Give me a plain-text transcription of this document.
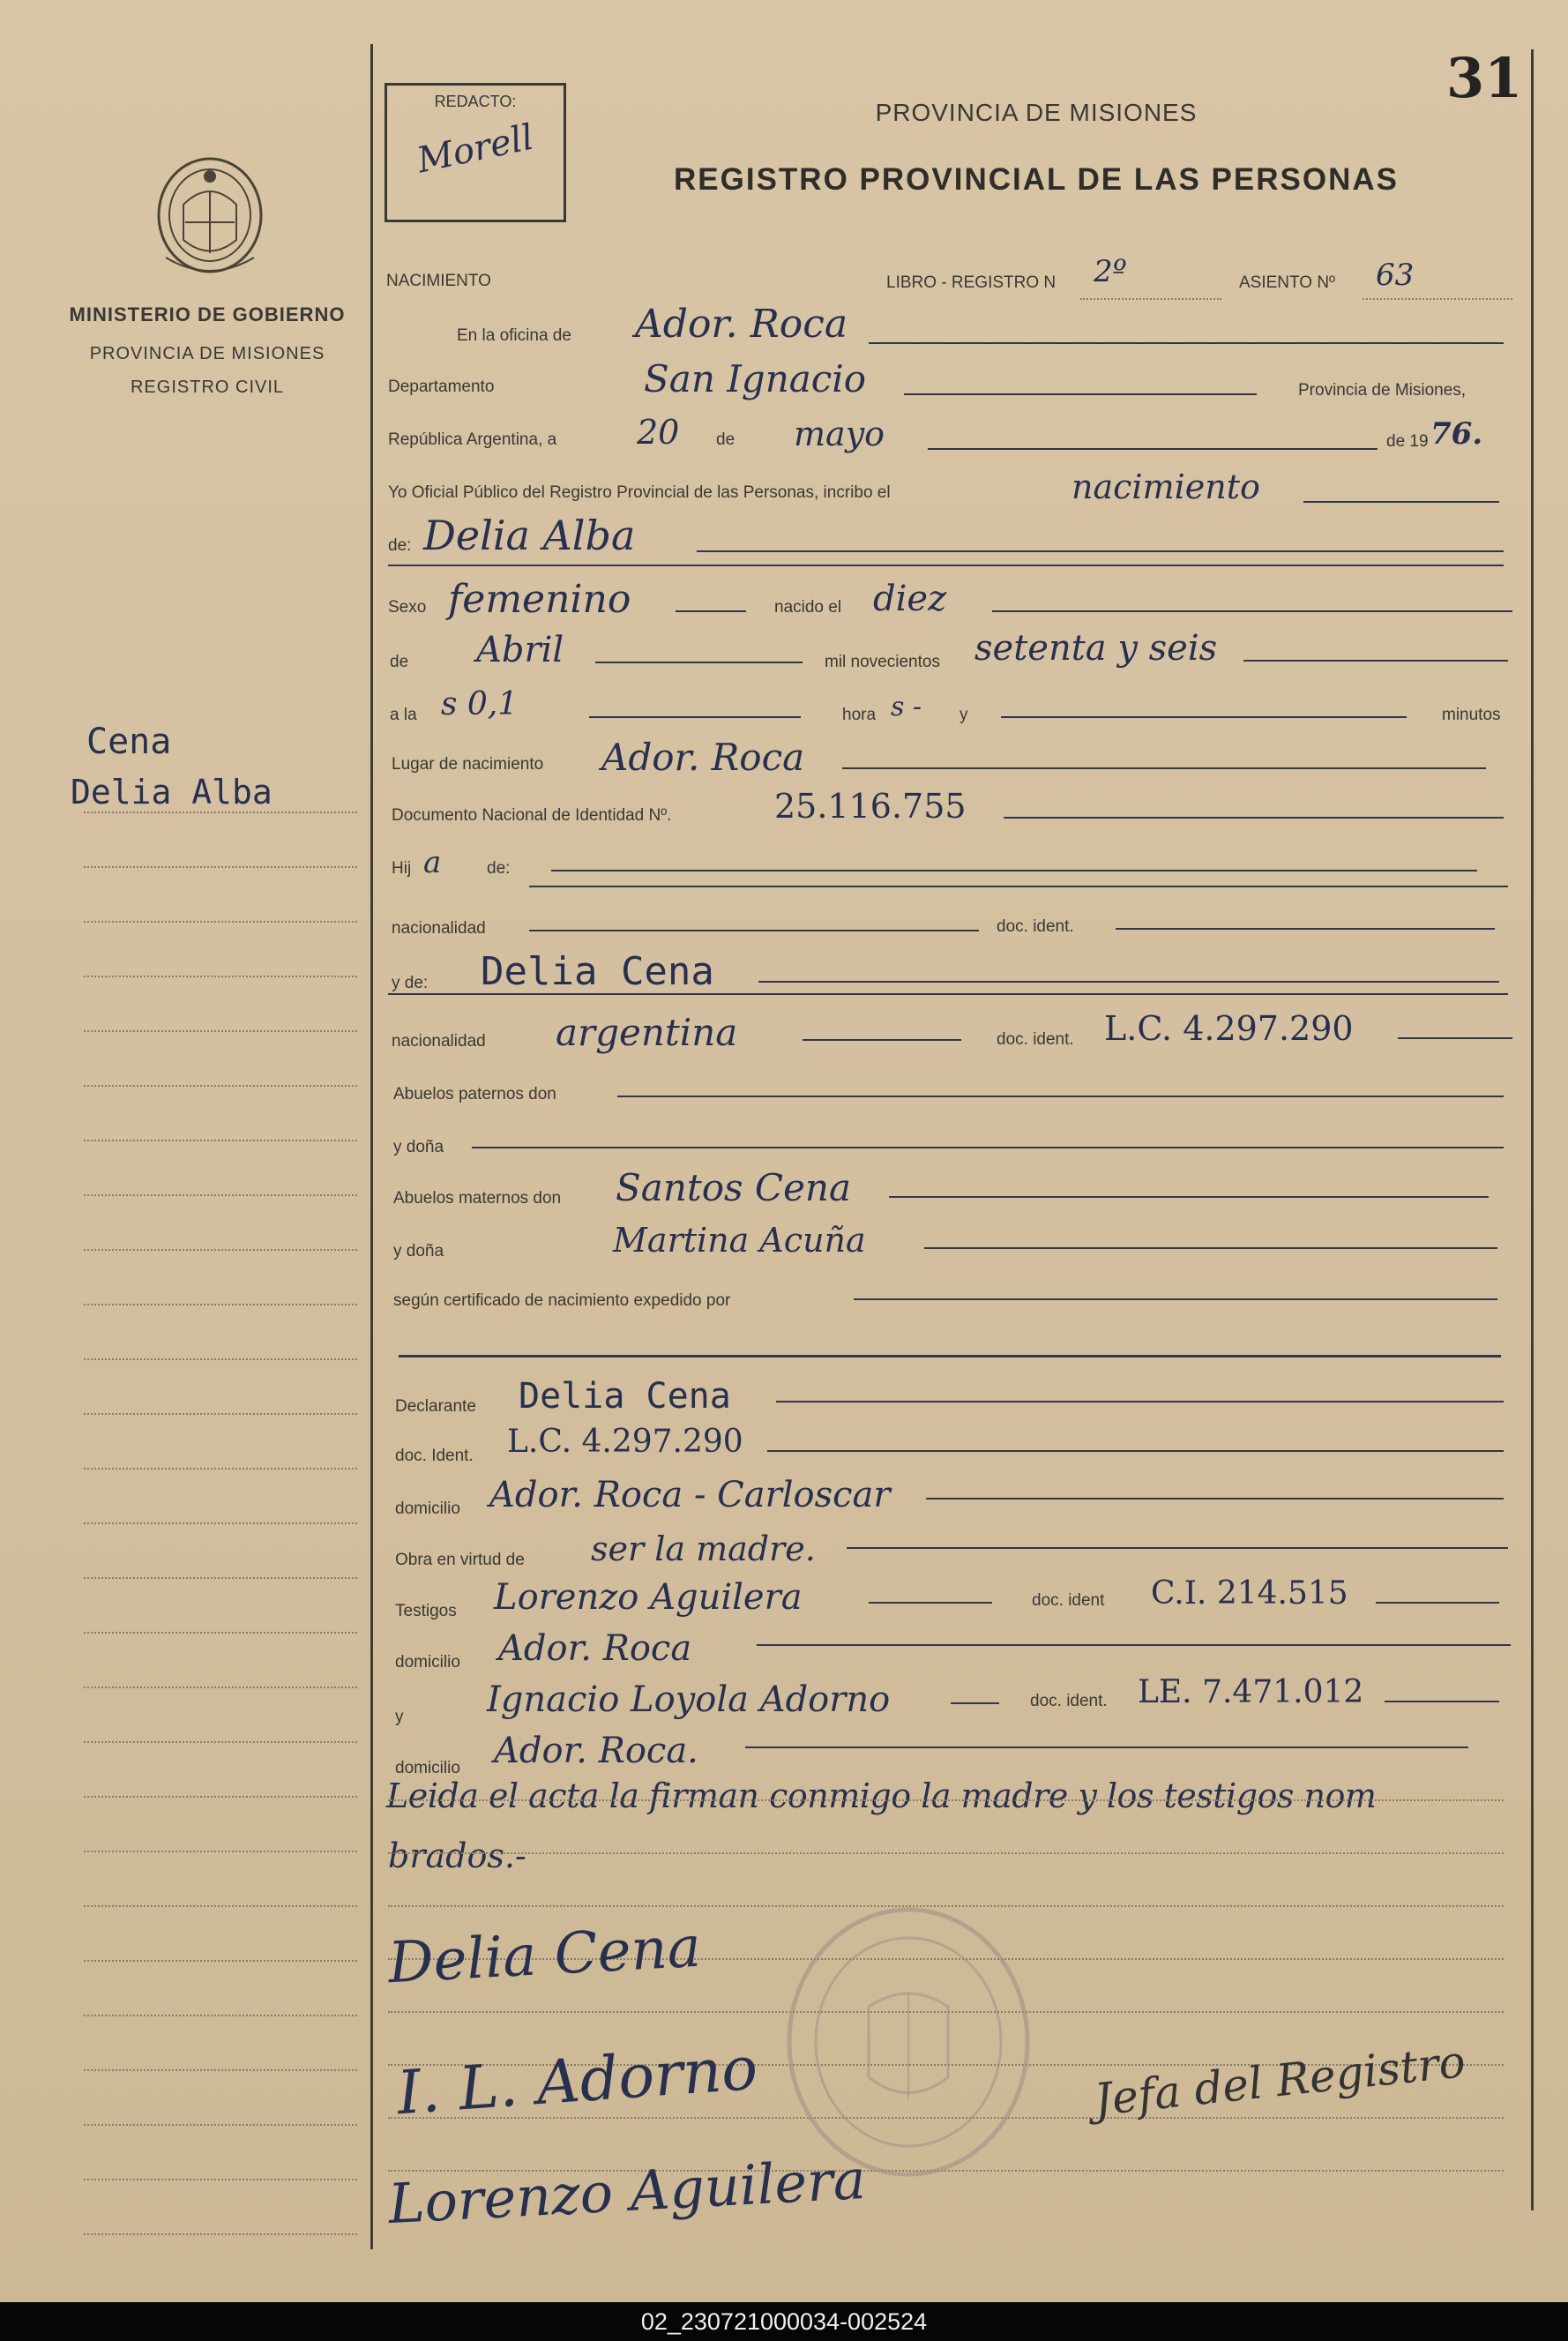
MINISTERIO DE GOBIERNO
PROVINCIA DE MISIONES
REGISTRO CIVIL
Cena
Delia Alba
31
REDACTO:
Morell
PROVINCIA DE MISIONES
REGISTRO PROVINCIAL DE LAS PERSONAS
NACIMIENTO	LIBRO - REGISTRO N 2º	ASIENTO Nº 63
En la oficina de Ador. Roca
Departamento	San Ignacio	Provincia de Misiones,
República Argentina, a 20 de mayo	de 19 76.
Yo Oficial Público del Registro Provincial de las Personas, incribo el	nacimiento
de: Delia Alba
Sexo femenino	nacido el diez
de Abril	mil novecientos setenta y seis
a la s 0,1	hora s - y	minutos
Lugar de nacimiento Ador. Roca
Documento Nacional de Identidad Nº.	25.116.755
Hij a	de:
nacionalidad	doc. ident.
y de: Delia Cena
nacionalidad argentina	doc. ident. L.C. 4.297.290
Abuelos paternos don
y doña
Abuelos maternos don Santos Cena
y doña	Martina Acuña
según certificado de nacimiento expedido por
Declarante Delia Cena
doc. Ident. L.C. 4.297.290
domicilio Ador. Roca - Carloscar
Obra en virtud de ser la madre.
Testigos Lorenzo Aguilera	doc. ident C.I. 214.515
domicilio Ador. Roca
y Ignacio Loyola Adorno	doc. ident. LE. 7.471.012
domicilio Ador. Roca.
Leida el acta la firman conmigo la madre y los testigos nom
brados.-
Delia Cena
I. L. Adorno
Lorenzo Aguilera
Jefa del Registro
02_230721000034-002524
